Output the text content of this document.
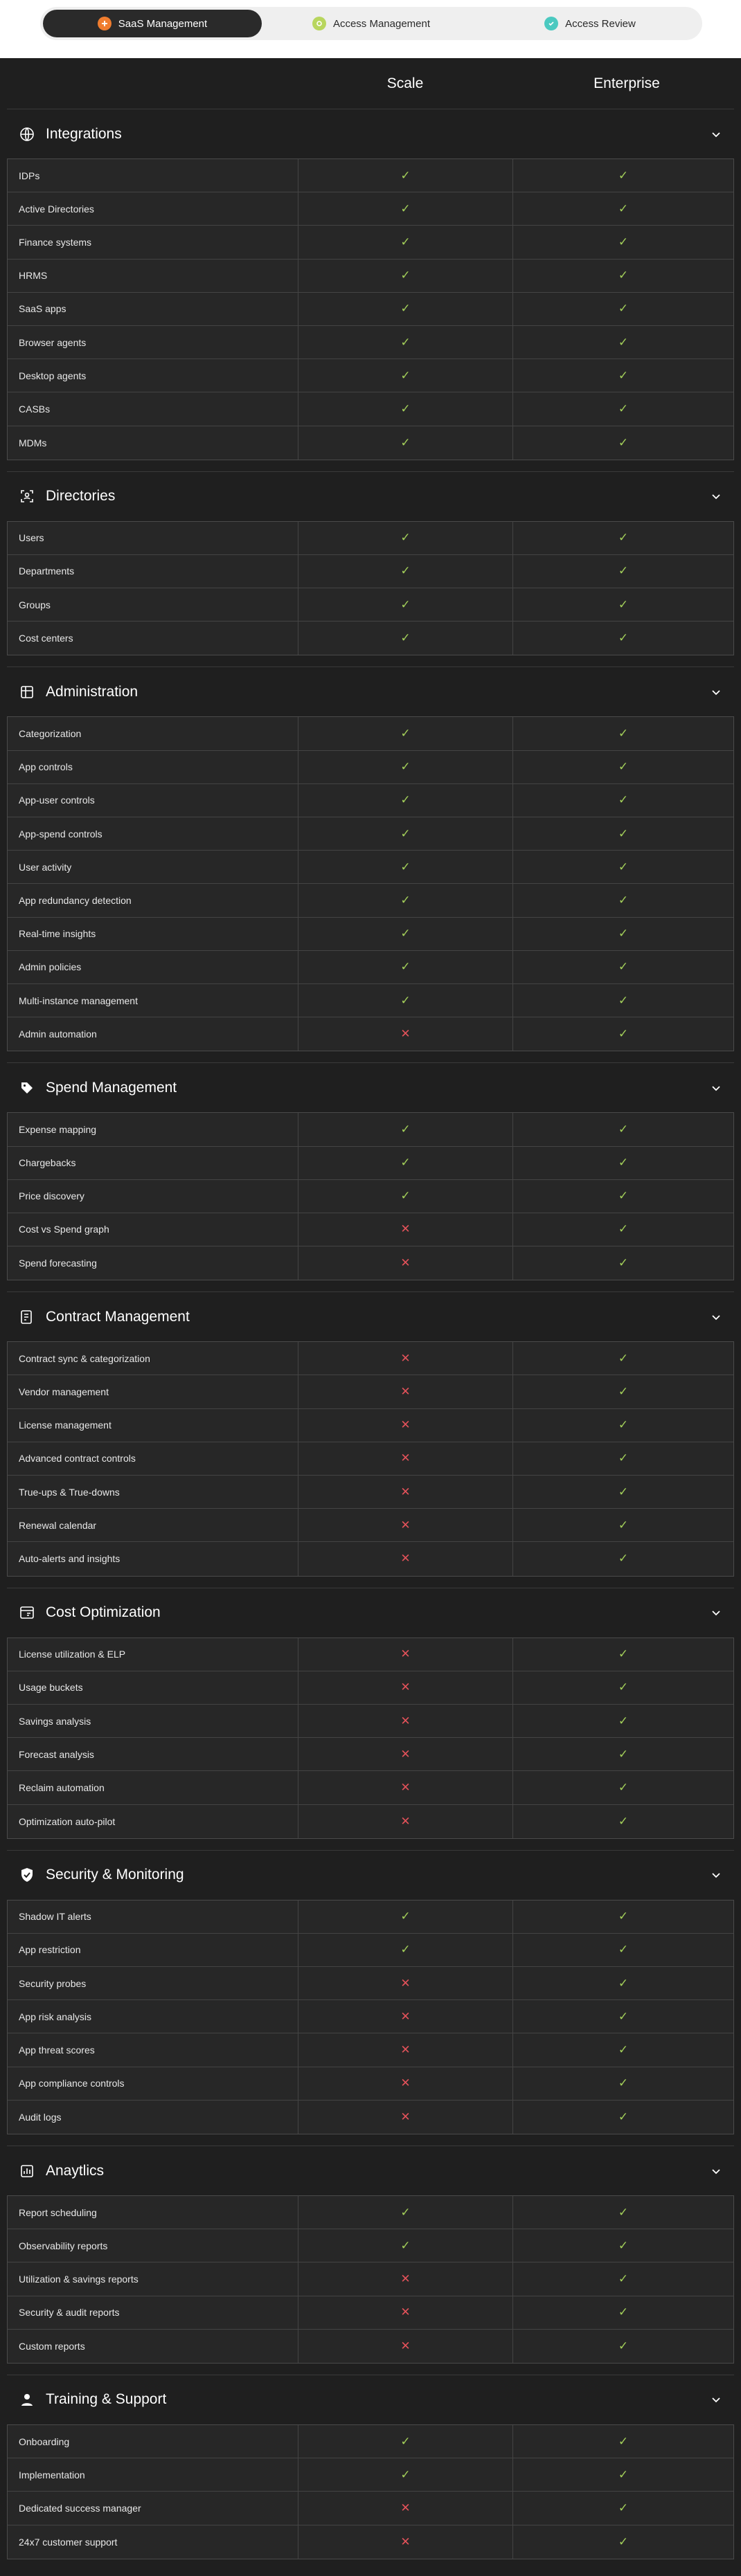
SaaS Management	Access Management	Access Review
Scale	Enterprise
Integrations
IDPs	✓	✓
Active Directories	✓	✓
Finance systems	✓	✓
HRMS	✓	✓
SaaS apps	✓	✓
Browser agents	✓	✓
Desktop agents	✓	✓
CASBs	✓	✓
MDMs	✓	✓
Directories
Users	✓	✓
Departments	✓	✓
Groups	✓	✓
Cost centers	✓	✓
Administration
Categorization	✓	✓
App controls	✓	✓
App-user controls	✓	✓
App-spend controls	✓	✓
User activity	✓	✓
App redundancy detection	✓	✓
Real-time insights	✓	✓
Admin policies	✓	✓
Multi-instance management	✓	✓
Admin automation	✕	✓
Spend Management
Expense mapping	✓	✓
Chargebacks	✓	✓
Price discovery	✓	✓
Cost vs Spend graph	✕	✓
Spend forecasting	✕	✓
Contract Management
Contract sync & categorization	✕	✓
Vendor management	✕	✓
License management	✕	✓
Advanced contract controls	✕	✓
True-ups & True-downs	✕	✓
Renewal calendar	✕	✓
Auto-alerts and insights	✕	✓
Cost Optimization
License utilization & ELP	✕	✓
Usage buckets	✕	✓
Savings analysis	✕	✓
Forecast analysis	✕	✓
Reclaim automation	✕	✓
Optimization auto-pilot	✕	✓
Security & Monitoring
Shadow IT alerts	✓	✓
App restriction	✓	✓
Security probes	✕	✓
App risk analysis	✕	✓
App threat scores	✕	✓
App compliance controls	✕	✓
Audit logs	✕	✓
Anaytlics
Report scheduling	✓	✓
Observability reports	✓	✓
Utilization & savings reports	✕	✓
Security & audit reports	✕	✓
Custom reports	✕	✓
Training & Support
Onboarding	✓	✓
Implementation	✓	✓
Dedicated success manager	✕	✓
24x7 customer support	✕	✓
